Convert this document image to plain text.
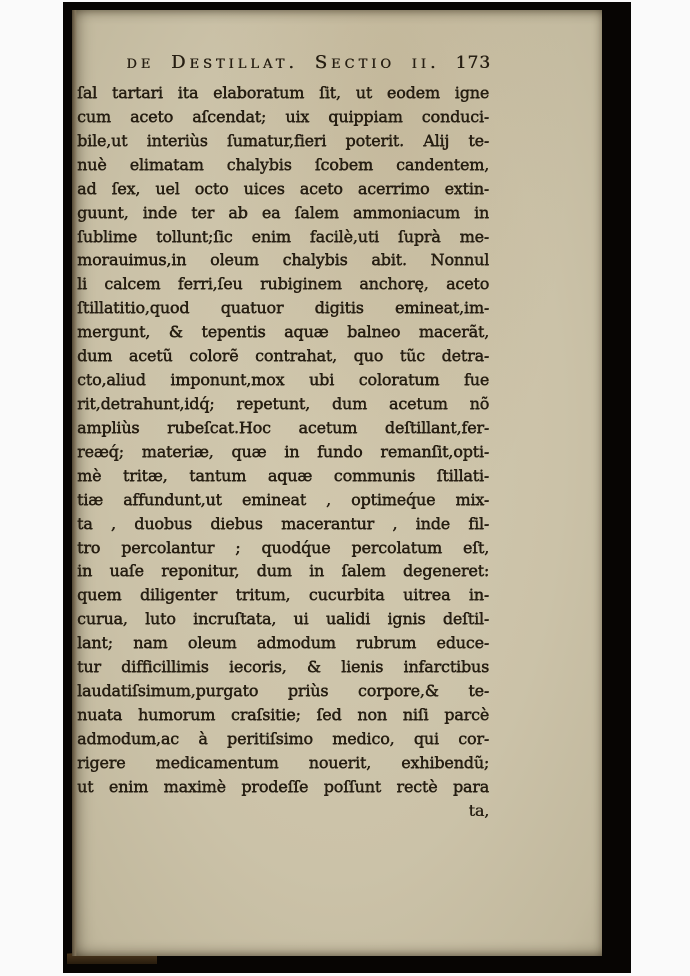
de Destillat. Sectio ii. 173
ſal tartari ita elaboratum ſit, ut eodem igne
cum aceto aſcendat; uix quippiam conduci-
bile,ut interiùs ſumatur,fieri poterit. Alij te-
nuè elimatam chalybis ſcobem candentem,
ad ſex, uel octo uices aceto acerrimo extin-
guunt, inde ter ab ea ſalem ammoniacum in
ſublime tollunt;ſic enim facilè,uti ſuprà me-
morauimus,in oleum chalybis abit. Nonnul
li calcem ferri,ſeu rubiginem anchorę, aceto
ſtillatitio,quod quatuor digitis emineat,im-
mergunt, & tepentis aquæ balneo macerãt,
dum acetũ colorẽ contrahat, quo tũc detra-
cto,aliud imponunt,mox ubi coloratum fue
rit,detrahunt,idq́; repetunt, dum acetum nõ
ampliùs rubeſcat.Hoc acetum deſtillant,fer-
reæq́; materiæ, quæ in fundo remanſit,opti-
mè tritæ, tantum aquæ communis ſtillati-
tiæ affundunt,ut emineat , optimeq́ue mix-
ta , duobus diebus macerantur , inde fil-
tro percolantur ; quodq́ue percolatum eſt,
in uaſe reponitur, dum in ſalem degeneret:
quem diligenter tritum, cucurbita uitrea in-
curua, luto incruſtata, ui ualidi ignis deſtil-
lant; nam oleum admodum rubrum educe-
tur difficillimis iecoris, & lienis infarctibus
laudatiſsimum,purgato priùs corpore,& te-
nuata humorum craſsitie; ſed non niſi parcè
admodum,ac à peritiſsimo medico, qui cor-
rigere medicamentum nouerit, exhibendũ;
ut enim maximè prodeſſe poſſunt rectè para
ta,
